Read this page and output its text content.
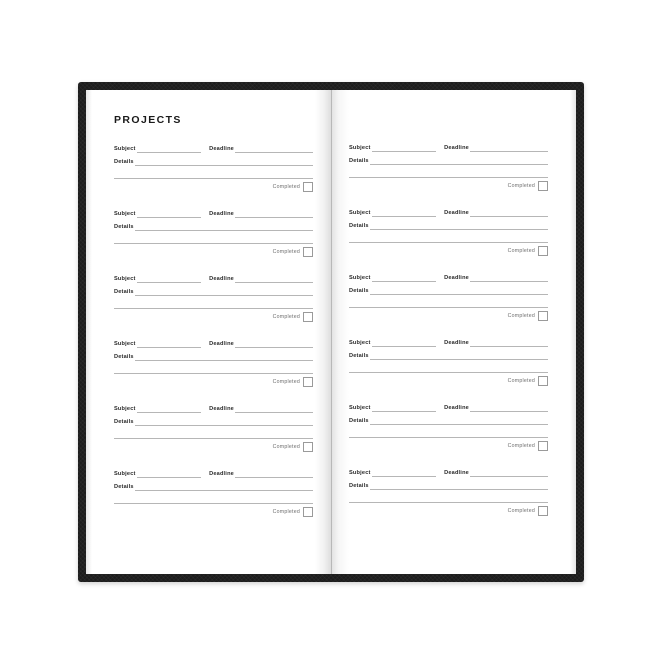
PROJECTS
Subject	Deadline
Details
Completed
Subject	Deadline
Details
Completed
Subject	Deadline
Details
Completed
Subject	Deadline
Details
Completed
Subject	Deadline
Details
Completed
Subject	Deadline
Details
Completed
Subject	Deadline
Details
Completed
Subject	Deadline
Details
Completed
Subject	Deadline
Details
Completed
Subject	Deadline
Details
Completed
Subject	Deadline
Details
Completed
Subject	Deadline
Details
Completed
